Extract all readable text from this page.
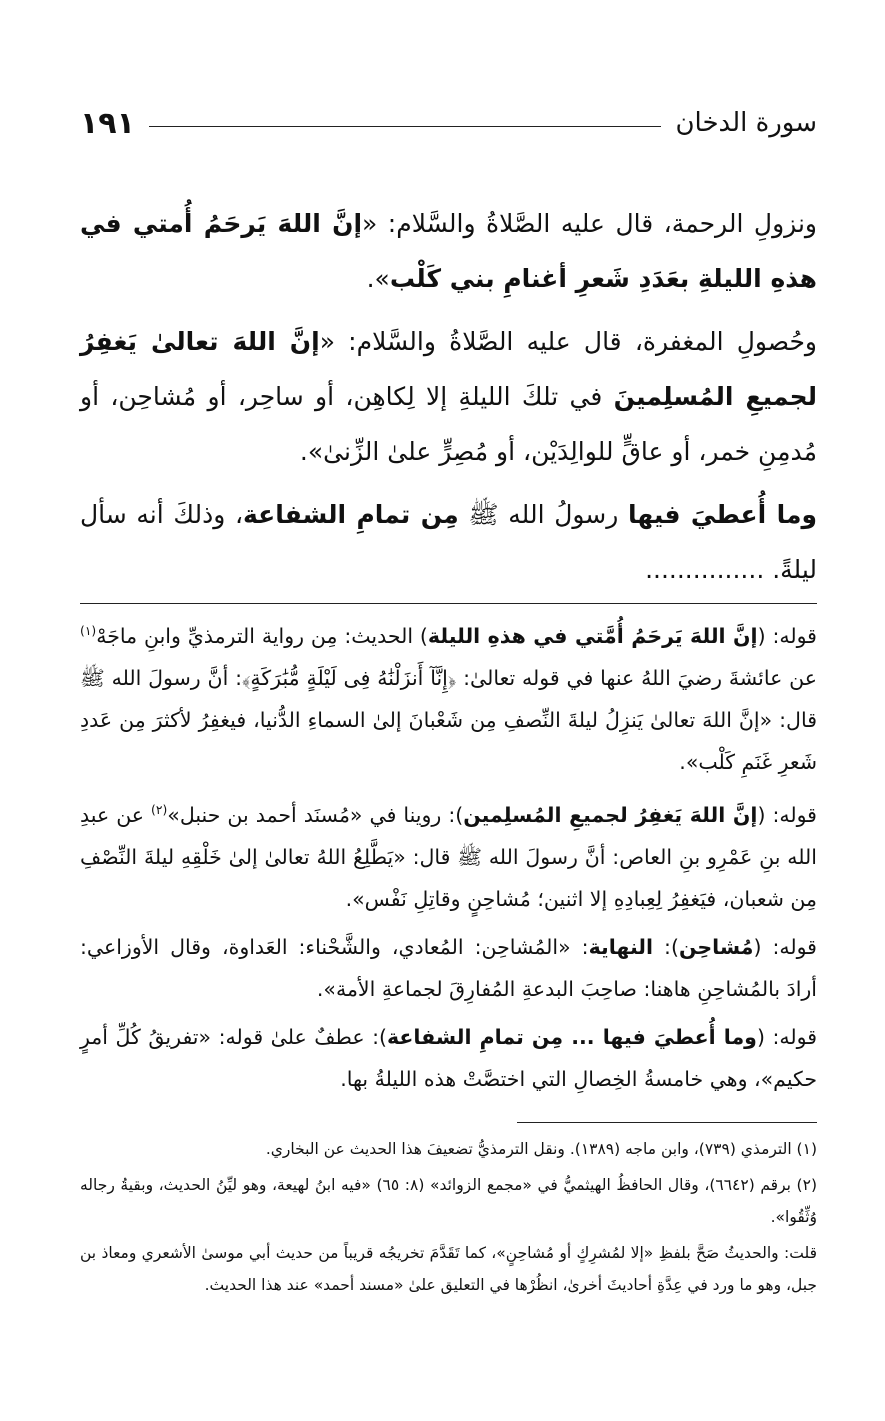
سورة الدخان
١٩١

ونزولِ الرحمة، قال عليه الصَّلاةُ والسَّلام: «إنَّ اللهَ يَرحَمُ أُمتي في هذهِ الليلةِ بعَدَدِ شَعرِ أغنامِ بني كَلْب».

وحُصولِ المغفرة، قال عليه الصَّلاةُ والسَّلام: «إنَّ اللهَ تعالىٰ يَغفِرُ لجميعِ المُسلِمينَ في تلكَ الليلةِ إلا لِكاهِن، أو ساحِر، أو مُشاحِن، أو مُدمِنِ خمر، أو عاقٍّ للوالِدَيْن، أو مُصِرٍّ علىٰ الزِّنىٰ».

وما أُعطيَ فيها رسولُ الله ﷺ مِن تمامِ الشفاعة، وذلكَ أنه سأل ليلةً. ...............

قوله: (إنَّ اللهَ يَرحَمُ أُمَّتي في هذهِ الليلة) الحديث: مِن رواية الترمذيِّ وابنِ ماجَهْ$^{(١)}$ عن عائشةَ رضيَ اللهُ عنها في قوله تعالىٰ: ﴿إِنَّآ أَنزَلْنَٰهُ فِى لَيْلَةٍ مُّبَٰرَكَةٍ﴾: أنَّ رسولَ الله ﷺ قال: «إنَّ اللهَ تعالىٰ يَنزِلُ ليلةَ النِّصفِ مِن شَعْبانَ إلىٰ السماءِ الدُّنيا، فيغفِرُ لأكثرَ مِن عَددِ شَعرِ غَنَمِ كَلْب».

قوله: (إنَّ اللهَ يَغفِرُ لجميعِ المُسلِمين): روينا في «مُسنَد أحمد بن حنبل»$^{(٢)}$ عن عبدِ الله بنِ عَمْرِو بنِ العاص: أنَّ رسولَ الله ﷺ قال: «يَطَّلِعُ اللهُ تعالىٰ إلىٰ خَلْقِهِ ليلةَ النِّصْفِ مِن شعبان، فيَغفِرُ لِعِبادِهِ إلا اثنين؛ مُشاحِنٍ وقاتِلِ نَفْس».

قوله: (مُشاحِن): النهاية: «المُشاحِن: المُعادي، والشَّحْناء: العَداوة، وقال الأوزاعي: أرادَ بالمُشاحِنِ هاهنا: صاحِبَ البدعةِ المُفارِقَ لجماعةِ الأمة».

قوله: (وما أُعطيَ فيها ... مِن تمامِ الشفاعة): عطفٌ علىٰ قوله: «تفريقُ كُلِّ أمرٍ حكيم»، وهي خامسةُ الخِصالِ التي اختصَّتْ هذه الليلةُ بها.

(١) الترمذي (٧٣٩)، وابن ماجه (١٣٨٩). ونقل الترمذيُّ تضعيفَ هذا الحديث عن البخاري.

(٢) برقم (٦٦٤٢)، وقال الحافظُ الهيثميُّ في «مجمع الزوائد» (٨: ٦٥) «فيه ابنُ لهيعة، وهو ليِّنُ الحديث، وبقيةُ رجاله وُثِّقُوا».

قلت: والحديثُ صَحَّ بلفظِ «إلا لمُشرِكٍ أو مُشاحِنٍ»، كما تَقَدَّمَ تخريجُه قريباً من حديث أبي موسىٰ الأشعري ومعاذ بن جبل، وهو ما ورد في عِدَّةِ أحاديثَ أخرىٰ، انظُرْها في التعليق علىٰ «مسند أحمد» عند هذا الحديث.
